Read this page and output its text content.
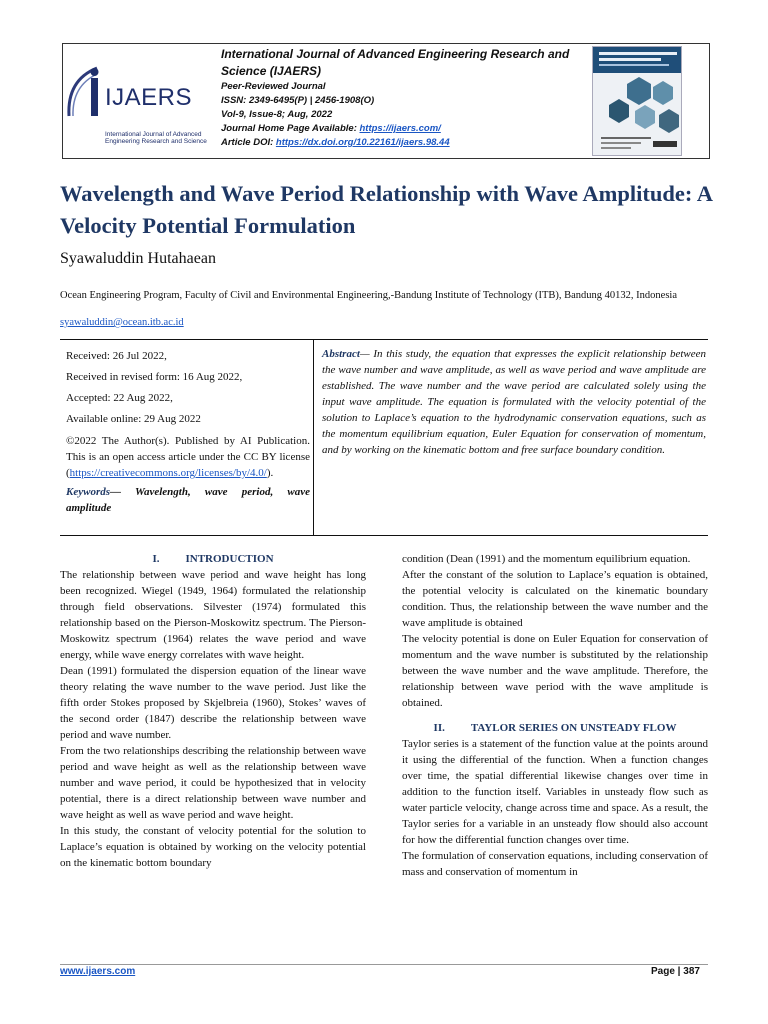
IJAERS
International Journal of Advanced
Engineering Research and Science
International Journal of Advanced Engineering Research and Science (IJAERS)
Peer-Reviewed Journal
ISSN: 2349-6495(P) | 2456-1908(O)
Vol-9, Issue-8; Aug, 2022
Journal Home Page Available: https://ijaers.com/
Article DOI: https://dx.doi.org/10.22161/ijaers.98.44
Wavelength and Wave Period Relationship with Wave Amplitude: A Velocity Potential Formulation
Syawaluddin Hutahaean
Ocean Engineering Program, Faculty of Civil and Environmental Engineering,-Bandung Institute of Technology (ITB), Bandung 40132, Indonesia
syawaluddin@ocean.itb.ac.id
Received: 26 Jul 2022,
Received in revised form: 16 Aug 2022,
Accepted: 22 Aug 2022,
Available online: 29 Aug 2022
©2022 The Author(s). Published by AI Publication. This is an open access article under the CC BY license (https://creativecommons.org/licenses/by/4.0/).
Keywords— Wavelength, wave period, wave amplitude
Abstract— In this study, the equation that expresses the explicit relationship between the wave number and wave amplitude, as well as wave period and wave amplitude are established. The wave number and the wave period are calculated solely using the input wave amplitude. The equation is formulated with the velocity potential of the solution to Laplace’s equation to the hydrodynamic conservation equations, such as the momentum equilibrium equation, Euler Equation for conservation of momentum, and by working on the kinematic bottom and free surface boundary condition.
I. INTRODUCTION

The relationship between wave period and wave height has long been recognized. Wiegel (1949, 1964) formulated the relationship through field observations. Silvester (1974) formulated this relationship based on the Pierson-Moskowitz spectrum. The Pierson-Moskowitz spectrum (1964) relates the wave period and wave energy, while wave energy correlates with wave height.

Dean (1991) formulated the dispersion equation of the linear wave theory relating the wave number to the wave period. Just like the fifth order Stokes proposed by Skjelbreia (1960), Stokes’ waves of the second order (1847) describe the relationship between wave period and wave number.

From the two relationships describing the relationship between wave period and wave height as well as the relationship between wave number and wave period, it could be hypothesized that in velocity potential, there is a direct relationship between wave number and wave height as well as wave period and wave height.

In this study, the constant of velocity potential for the solution to Laplace’s equation is obtained by working on the velocity potential on the kinematic bottom boundary

condition (Dean (1991) and the momentum equilibrium equation.

After the constant of the solution to Laplace’s equation is obtained, the potential velocity is calculated on the kinematic boundary condition. Thus, the relationship between the wave number and the wave amplitude is obtained

The velocity potential is done on Euler Equation for conservation of momentum and the wave number is substituted by the relationship between the wave number and the wave amplitude. Therefore, the relationship between wave period with the wave amplitude is obtained.

II. TAYLOR SERIES ON UNSTEADY FLOW

Taylor series is a statement of the function value at the points around it using the differential of the function. When a function changes over time, the spatial differential likewise changes over time in addition to the function itself. Variables in unsteady flow such as water particle velocity, change across time and space. As a result, the Taylor series for a variable in an unsteady flow should also account for how the differential function changes over time.

The formulation of conservation equations, including conservation of mass and conservation of momentum in

www.ijaers.com	Page | 387
